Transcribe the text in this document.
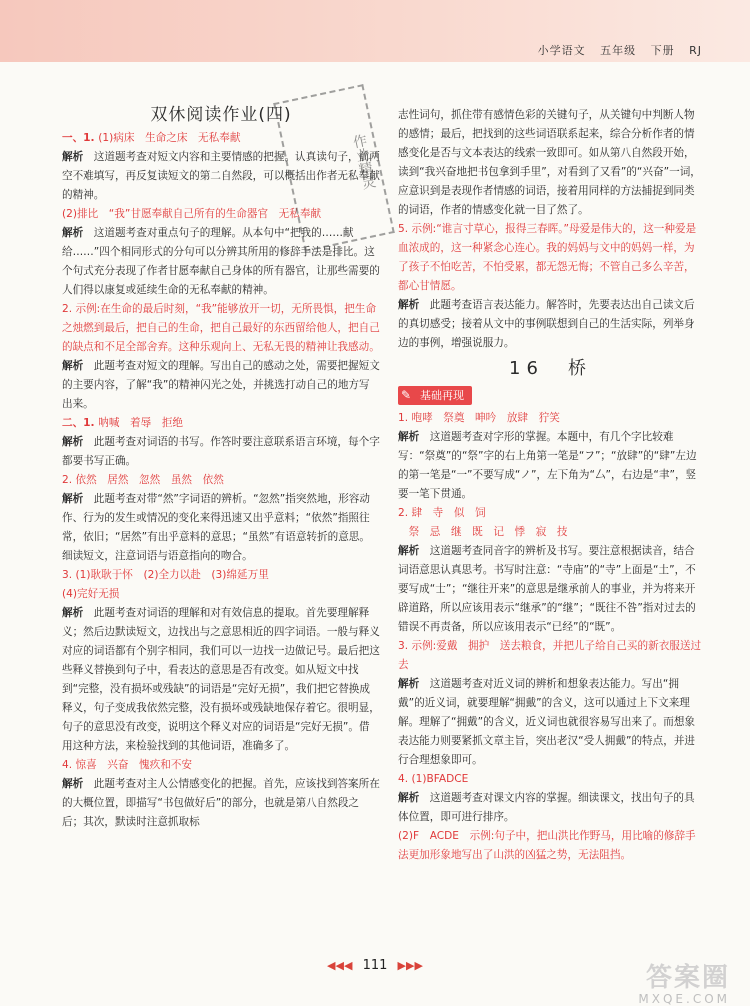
小学语文 五年级 下册 RJ
双休阅读作业(四)

一、1. (1)病床　生命之床　无私奉献

解析　这道题考查对短文内容和主要情感的把握。认真读句子，前两空不难填写，再反复读短文的第二自然段，可以概括出作者无私奉献的精神。

(2)排比　“我”甘愿奉献自己所有的生命器官　无私奉献

解析　这道题考查对重点句子的理解。从本句中“把我的……献给……”四个相同形式的分句可以分辨其所用的修辞手法是排比。这个句式充分表现了作者甘愿奉献自己身体的所有器官，让那些需要的人们得以康复或延续生命的无私奉献的精神。

2. 示例:在生命的最后时刻，“我”能够放开一切，无所畏惧，把生命之烛燃到最后，把自己的生命，把自己最好的东西留给他人，把自己的缺点和不足全部舍弃。这种乐观向上、无私无畏的精神让我感动。

解析　此题考查对短文的理解。写出自己的感动之处，需要把握短文的主要内容，了解“我”的精神闪光之处，并挑选打动自己的地方写出来。

二、1. 呐喊　着辱　拒绝

解析　此题考查对词语的书写。作答时要注意联系语言环境，每个字都要书写正确。

2. 依然　居然　忽然　虽然　依然

解析　此题考查对带“然”字词语的辨析。“忽然”指突然地，形容动作、行为的发生或情况的变化来得迅速又出乎意料；“依然”指照往常，依旧；“居然”有出乎意料的意思；“虽然”有语意转折的意思。细读短文，注意词语与语意指向的吻合。

3. (1)耿耿于怀　(2)全力以赴　(3)绵延万里

(4)完好无损

解析　此题考查对词语的理解和对有效信息的提取。首先要理解释义；然后边默读短文，边找出与之意思相近的四字词语。一般与释义对应的词语都有个别字相同，我们可以一边找一边做记号。最后把这些释义替换到句子中，看表达的意思是否有改变。如从短文中找到“完整，没有损坏或残缺”的词语是“完好无损”，我们把它替换成释义，句子变成我依然完整，没有损坏或残缺地保存着它。很明显，句子的意思没有改变，说明这个释义对应的词语是“完好无损”。借用这种方法，来检验找到的其他词语，准确多了。

4. 惊喜　兴奋　愧疚和不安

解析　此题考查对主人公情感变化的把握。首先，应该找到答案所在的大概位置，即描写“书包做好后”的部分，也就是第八自然段之后；其次，默读时注意抓取标

作业精灵

志性词句，抓住带有感情色彩的关键句子，从关键句中判断人物的感情；最后，把找到的这些词语联系起来，综合分析作者的情感变化是否与文本表达的线索一致即可。如从第八自然段开始，读到“我兴奋地把书包拿到手里”，对看到了又看”的“兴奋”一词，应意识到是表现作者情感的词语，接着用同样的方法捕捉到同类的词语，作者的情感变化就一目了然了。

5. 示例:“谁言寸草心，报得三春晖。”母爱是伟大的，这一种爱是血浓成的，这一种紧念心连心。我的妈妈与文中的妈妈一样，为了孩子不怕吃苦，不怕受累，都无怨无悔；不管自己多么辛苦，都心甘情愿。

解析　此题考查语言表达能力。解答时，先要表达出自己读文后的真切感受；接着从文中的事例联想到自己的生活实际，列举身边的事例，增强说服力。

16　桥
✎ 基础再现

1. 咆哮　祭奠　呻吟　放肆　狞笑

解析　这道题考查对字形的掌握。本题中，有几个字比较难写：“祭奠”的“祭”字的右上角第一笔是“フ”；“放肆”的“肆”左边的第一笔是“一”不要写成“ノ”，左下角为“厶”，右边是“聿”，竖要一笔下贯通。

2. 肆　寺　似　饲

　祭　忌　继　既　记　悸　寂　技

解析　这道题考查同音字的辨析及书写。要注意根据读音，结合词语意思认真思考。书写时注意：“寺庙”的“寺”上面是“土”，不要写成“士”；“继往开来”的意思是继承前人的事业，并为将来开辟道路，所以应该用表示“继承”的“继”；“既往不咎”指对过去的错误不再责备，所以应该用表示“已经”的“既”。

3. 示例:爱戴　拥护　送去粮食，并把儿子给自己买的新衣服送过去

解析　这道题考查对近义词的辨析和想象表达能力。写出“拥戴”的近义词，就要理解“拥戴”的含义，这可以通过上下文来理解。理解了“拥戴”的含义，近义词也就很容易写出来了。而想象表达能力则要紧抓文章主旨，突出老汉“受人拥戴”的特点，并进行合理想象即可。

4. (1)BFADCE

解析　这道题考查对课文内容的掌握。细读课文，找出句子的具体位置，即可进行排序。

(2)F　ACDE　示例:句子中，把山洪比作野马，用比喻的修辞手法更加形象地写出了山洪的凶猛之势，无法阻挡。

◀◀◀ 111 ▶▶▶	答案圈
MXQE.COM
